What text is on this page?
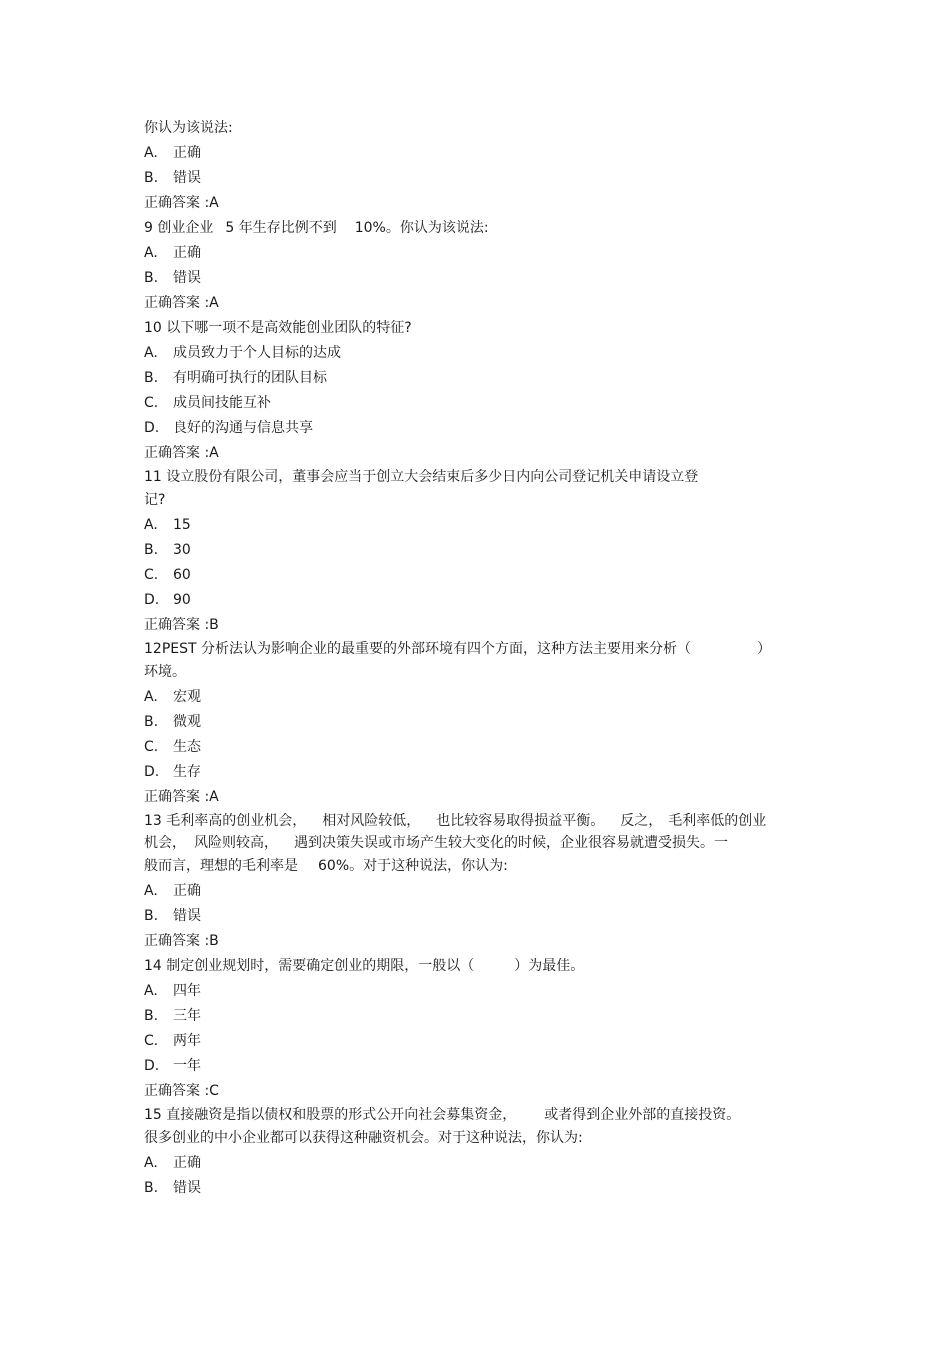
你认为该说法:
A. 正确
B. 错误
正确答案 :A
9 创业企业 5 年生存比例不到 10%。你认为该说法:
A. 正确
B. 错误
正确答案 :A
10 以下哪一项不是高效能创业团队的特征?
A. 成员致力于个人目标的达成
B. 有明确可执行的团队目标
C. 成员间技能互补
D. 良好的沟通与信息共享
正确答案 :A
11 设立股份有限公司，董事会应当于创立大会结束后多少日内向公司登记机关申请设立登
记?
A. 15
B. 30
C. 60
D. 90
正确答案 :B
12PEST 分析法认为影响企业的最重要的外部环境有四个方面，这种方法主要用来分析（	）
环境。
A. 宏观
B. 微观
C. 生态
D. 生存
正确答案 :A
13 毛利率高的创业机会， 相对风险较低， 也比较容易取得损益平衡。 反之， 毛利率低的创业
机会， 风险则较高， 遇到决策失误或市场产生较大变化的时候，企业很容易就遭受损失。一
般而言，理想的毛利率是 60%。对于这种说法，你认为:
A. 正确
B. 错误
正确答案 :B
14 制定创业规划时，需要确定创业的期限，一般以（	）为最佳。
A. 四年
B. 三年
C. 两年
D. 一年
正确答案 :C
15 直接融资是指以债权和股票的形式公开向社会募集资金， 或者得到企业外部的直接投资。
很多创业的中小企业都可以获得这种融资机会。对于这种说法，你认为:
A. 正确
B. 错误
